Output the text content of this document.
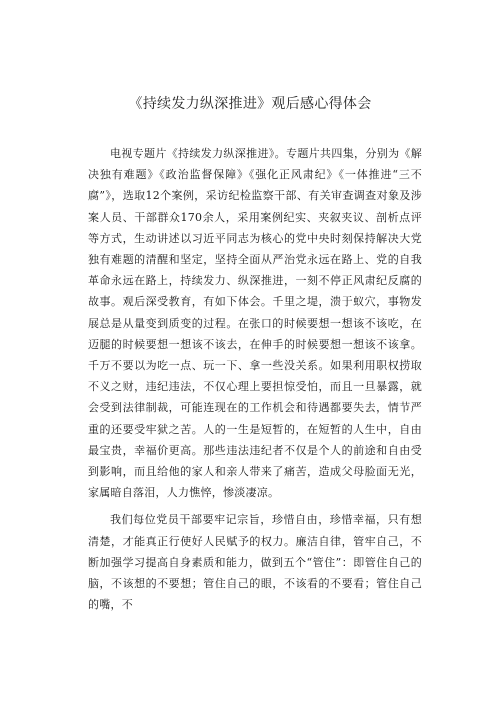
《持续发力纵深推进》观后感心得体会

电视专题片《持续发力纵深推进》。专题片共四集，分别为《解决独有难题》《政治监督保障》《强化正风肃纪》《一体推进“三不腐”》，选取12个案例，采访纪检监察干部、有关审查调查对象及涉案人员、干部群众170余人，采用案例纪实、夹叙夹议、剖析点评等方式，生动讲述以习近平同志为核心的党中央时刻保持解决大党独有难题的清醒和坚定，坚持全面从严治党永远在路上、党的自我革命永远在路上，持续发力、纵深推进，一刻不停正风肃纪反腐的故事。观后深受教育，有如下体会。千里之堤，溃于蚁穴，事物发展总是从量变到质变的过程。在张口的时候要想一想该不该吃，在迈腿的时候要想一想该不该去，在伸手的时候要想一想该不该拿。千万不要以为吃一点、玩一下、拿一些没关系。如果利用职权捞取不义之财，违纪违法，不仅心理上要担惊受怕，而且一旦暴露，就会受到法律制裁，可能连现在的工作机会和待遇都要失去，情节严重的还要受牢狱之苦。人的一生是短暂的，在短暂的人生中，自由最宝贵，幸福价更高。那些违法违纪者不仅是个人的前途和自由受到影响，而且给他的家人和亲人带来了痛苦，造成父母脸面无光，家属暗自落泪，人力憔悴，惨淡凄凉。

我们每位党员干部要牢记宗旨，珍惜自由，珍惜幸福，只有想清楚，才能真正行使好人民赋予的权力。廉洁自律，管牢自己，不断加强学习提高自身素质和能力，做到五个“管住”：即管住自己的脑，不该想的不要想；管住自己的眼，不该看的不要看；管住自己的嘴，不
